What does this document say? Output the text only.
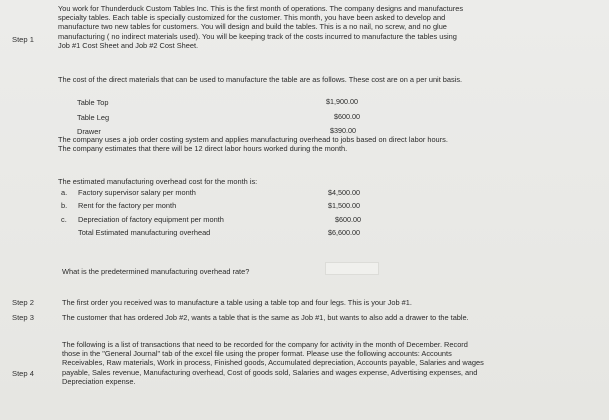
Step 1
You work for Thunderduck Custom Tables Inc. This is the first month of operations. The company designs and manufactures
specialty tables. Each table is specially customized for the customer. This month, you have been asked to develop and
manufacture two new tables for customers. You will design and build the tables. This is a no nail, no screw, and no glue
manufacturing ( no indirect materials used). You will be keeping track of the costs incurred to manufacture the tables using
Job #1 Cost Sheet and Job #2 Cost Sheet.
The cost of the direct materials that can be used to manufacture the table are as follows. These cost are on a per unit basis.
Table Top	$1,900.00
Table Leg	$600.00
Drawer	$390.00
The company uses a job order costing system and applies manufacturing overhead to jobs based on direct labor hours.
The company estimates that there will be 12 direct labor hours worked during the month.
The estimated manufacturing overhead cost for the month is:
a. Factory supervisor salary per month	$4,500.00
b. Rent for the factory per month	$1,500.00
c. Depreciation of factory equipment per month	$600.00
Total Estimated manufacturing overhead	$6,600.00
What is the predetermined manufacturing overhead rate?
Step 2	The first order you received was to manufacture a table using a table top and four legs. This is your Job #1.
Step 3	The customer that has ordered Job #2, wants a table that is the same as Job #1, but wants to also add a drawer to the table.
Step 4
The following is a list of transactions that need to be recorded for the company for activity in the month of December. Record
those in the "General Journal" tab of the excel file using the proper format. Please use the following accounts: Accounts
Receivables, Raw materials, Work in process, Finished goods, Accumulated depreciation, Accounts payable, Salaries and wages
payable, Sales revenue, Manufacturing overhead, Cost of goods sold, Salaries and wages expense, Advertising expenses, and
Depreciation expense.
